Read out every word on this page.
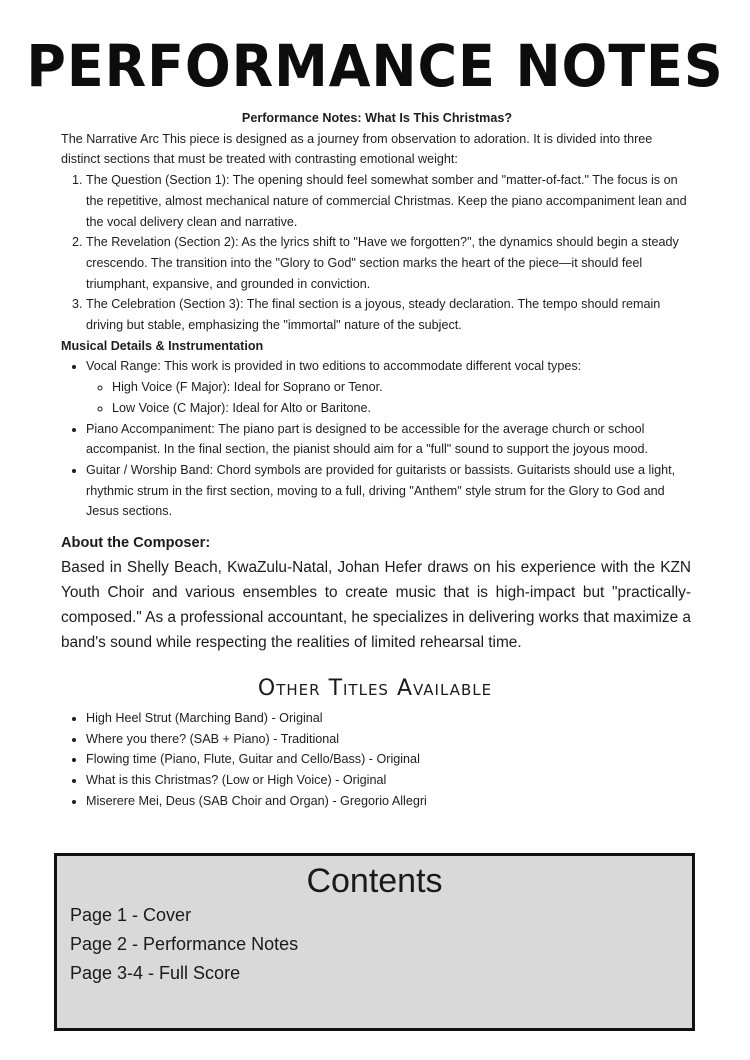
PERFORMANCE NOTES
Performance Notes: What Is This Christmas?
The Narrative Arc This piece is designed as a journey from observation to adoration. It is divided into three distinct sections that must be treated with contrasting emotional weight:
1. The Question (Section 1): The opening should feel somewhat somber and "matter-of-fact." The focus is on the repetitive, almost mechanical nature of commercial Christmas. Keep the piano accompaniment lean and the vocal delivery clean and narrative.
2. The Revelation (Section 2): As the lyrics shift to "Have we forgotten?", the dynamics should begin a steady crescendo. The transition into the "Glory to God" section marks the heart of the piece—it should feel triumphant, expansive, and grounded in conviction.
3. The Celebration (Section 3): The final section is a joyous, steady declaration. The tempo should remain driving but stable, emphasizing the "immortal" nature of the subject.
Musical Details & Instrumentation
• Vocal Range: This work is provided in two editions to accommodate different vocal types:
◦ High Voice (F Major): Ideal for Soprano or Tenor.
◦ Low Voice (C Major): Ideal for Alto or Baritone.
• Piano Accompaniment: The piano part is designed to be accessible for the average church or school accompanist. In the final section, the pianist should aim for a "full" sound to support the joyous mood.
• Guitar / Worship Band: Chord symbols are provided for guitarists or bassists. Guitarists should use a light, rhythmic strum in the first section, moving to a full, driving "Anthem" style strum for the Glory to God and Jesus sections.
About the Composer:
Based in Shelly Beach, KwaZulu-Natal, Johan Hefer draws on his experience with the KZN Youth Choir and various ensembles to create music that is high-impact but "practically-composed." As a professional accountant, he specializes in delivering works that maximize a band's sound while respecting the realities of limited rehearsal time.
Other Titles Available
• High Heel Strut (Marching Band) - Original
• Where you there? (SAB + Piano) - Traditional
• Flowing time (Piano, Flute, Guitar and Cello/Bass) - Original
• What is this Christmas? (Low or High Voice) - Original
• Miserere Mei, Deus (SAB Choir and Organ) - Gregorio Allegri
Contents
Page 1 - Cover
Page 2 - Performance Notes
Page 3-4 - Full Score
